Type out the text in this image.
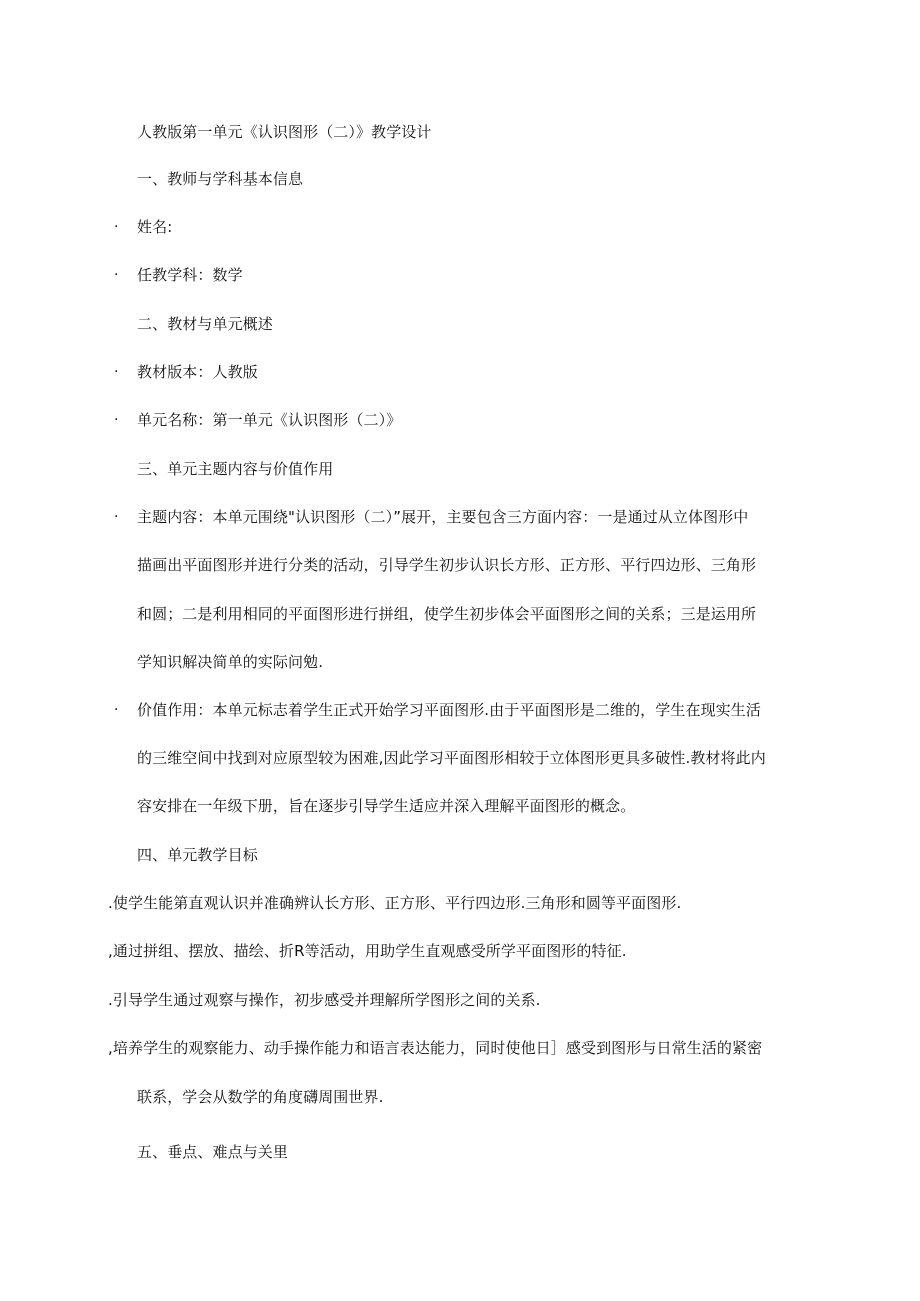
人教版第一单元《认识图形（二）》教学设计
一、教师与学科基本信息
· 姓名:
· 任教学科：数学
二、教材与单元概述
· 教材版本：人教版
· 单元名称：第一单元《认识图形（二）》
三、单元主题内容与价值作用
· 主题内容：本单元围绕"认识图形（二）”展开，主要包含三方面内容：一是通过从立体图形中
描画出平面图形并进行分类的活动，引导学生初步认识长方形、正方形、平行四边形、三角形
和圆；二是利用相同的平面图形进行拼组，使学生初步体会平面图形之间的关系；三是运用所
学知识解决简单的实际问勉.
· 价值作用：本单元标志着学生正式开始学习平面图形.由于平面图形是二维的，学生在现实生活
的三维空间中找到对应原型较为困难,因此学习平面图形相较于立体图形更具多破性.教材将此内
容安排在一年级下册，旨在逐步引导学生适应并深入理解平面图形的概念。
四、单元教学目标
.使学生能第直观认识并准确辨认长方形、正方形、平行四边形.三角形和圆等平面图形.
,通过拼组、摆放、描绘、折R等活动，用助学生直观感受所学平面图形的特征.
.引导学生通过观察与操作，初步感受并理解所学图形之间的关系.
,培养学生的观察能力、动手操作能力和语言表达能力，同时使他日］感受到图形与日常生活的紧密
联系，学会从数学的角度礴周围世界.
五、垂点、难点与关里
